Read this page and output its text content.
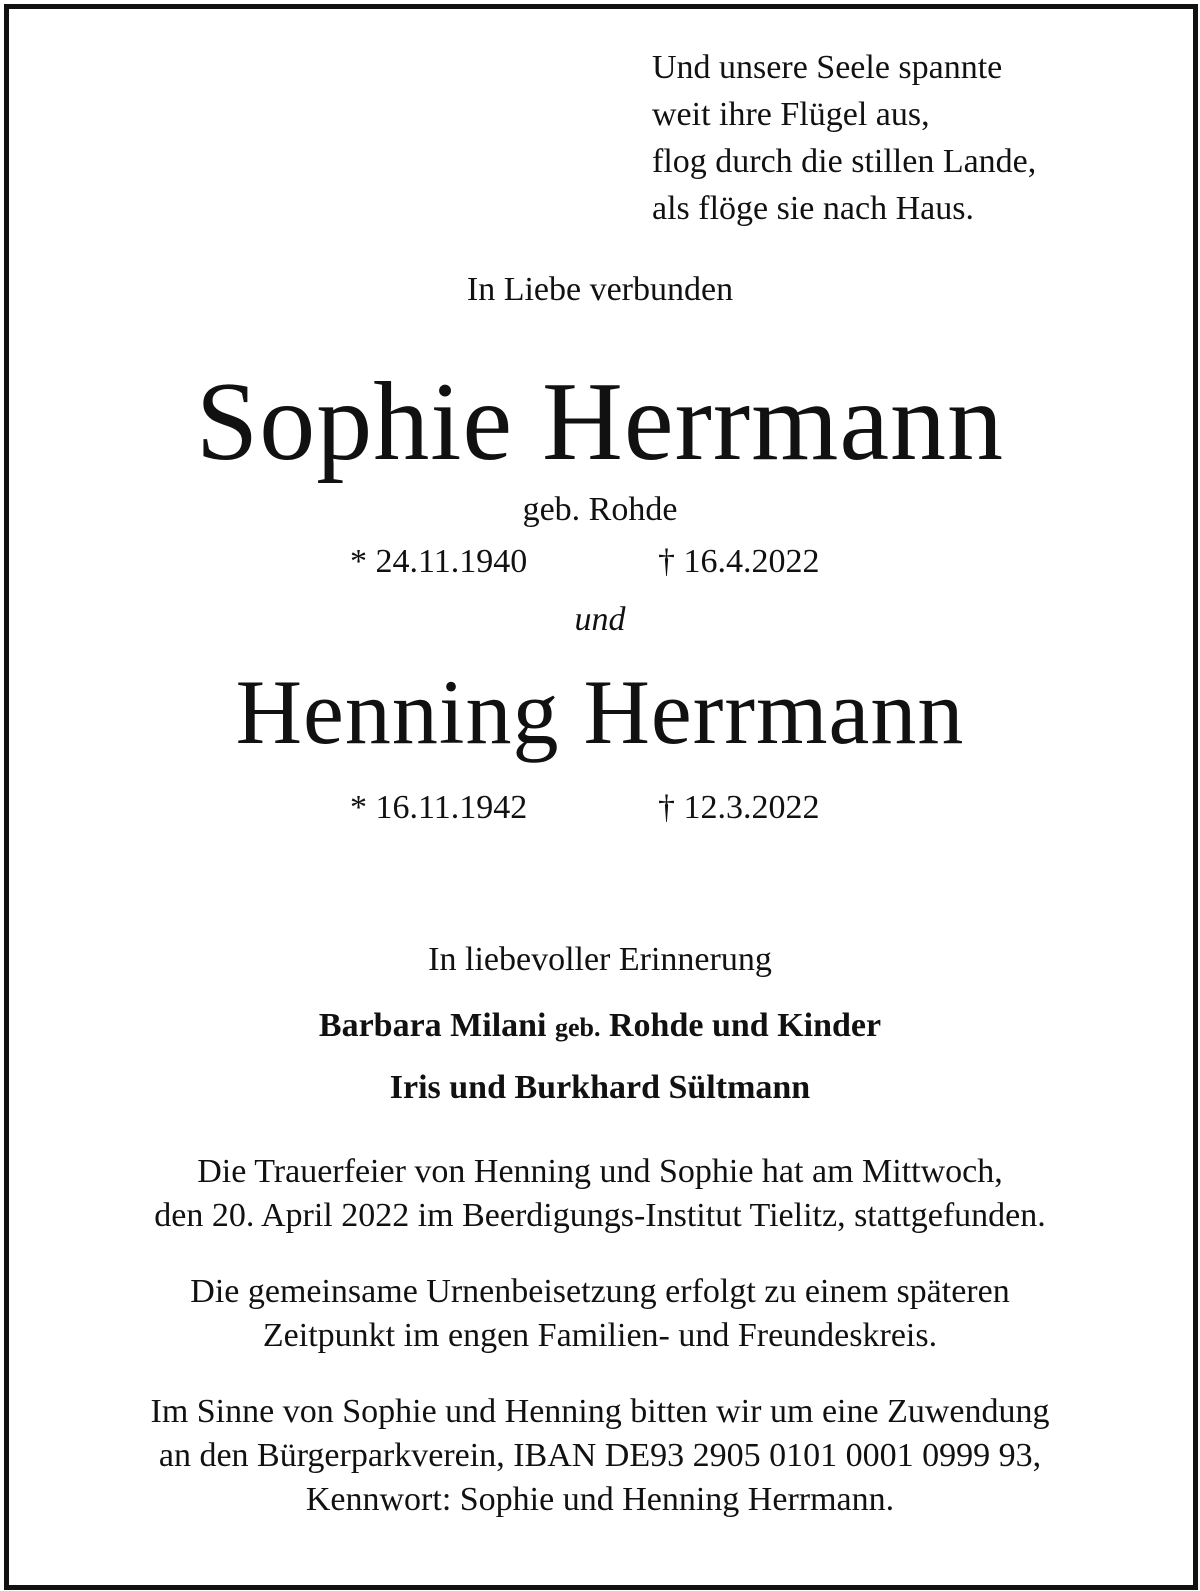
Und unsere Seele spannte
weit ihre Flügel aus,
flog durch die stillen Lande,
als flöge sie nach Haus.
In Liebe verbunden
Sophie Herrmann
geb. Rohde
* 24.11.1940	† 16.4.2022
und
Henning Herrmann
* 16.11.1942	† 12.3.2022
In liebevoller Erinnerung
Barbara Milani geb. Rohde und Kinder
Iris und Burkhard Sültmann
Die Trauerfeier von Henning und Sophie hat am Mittwoch,
den 20. April 2022 im Beerdigungs-Institut Tielitz, stattgefunden.
Die gemeinsame Urnenbeisetzung erfolgt zu einem späteren
Zeitpunkt im engen Familien- und Freundeskreis.
Im Sinne von Sophie und Henning bitten wir um eine Zuwendung
an den Bürgerparkverein, IBAN DE93 2905 0101 0001 0999 93,
Kennwort: Sophie und Henning Herrmann.
